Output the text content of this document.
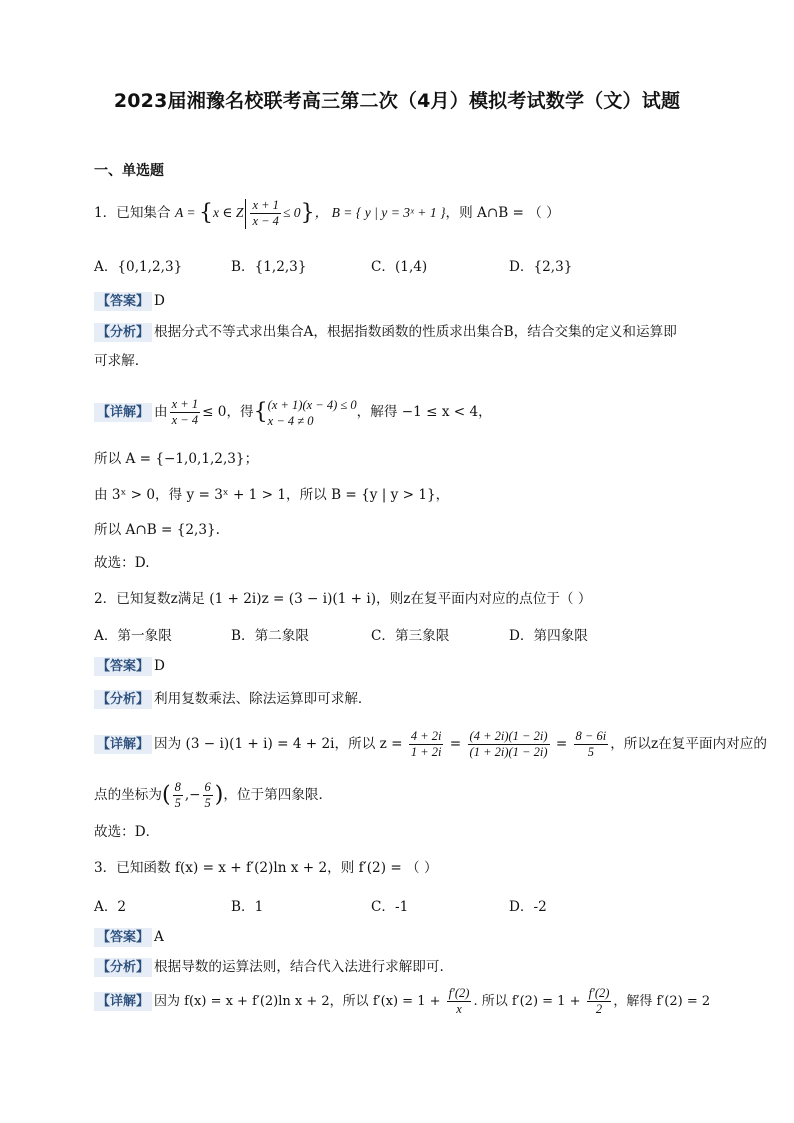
2023届湘豫名校联考高三第二次（4月）模拟考试数学（文）试题
一、单选题
1．已知集合 A = {x ∈ Z $\frac{x + 1}{x - 4} \le 0$}， B = { y | y = 3ˣ + 1 }，则 A∩B = （ ）
A．{0,1,2,3}	B．{1,2,3}	C．(1,4)	D．{2,3}
【答案】 D
【分析】 根据分式不等式求出集合A，根据指数函数的性质求出集合B，结合交集的定义和运算即
可求解.
【详解】 由 $\frac{x + 1}{x - 4} \le 0$，得{ (x + 1)(x − 4) ≤ 0
x − 4 ≠ 0
，解得 −1 ≤ x < 4，
所以 A = {−1,0,1,2,3}；
由 3ˣ > 0，得 y = 3ˣ + 1 > 1，所以 B = {y | y > 1}，
所以 A∩B = {2,3}.
故选：D.
2．已知复数z满足 (1 + 2i)z = (3 − i)(1 + i)，则z在复平面内对应的点位于（ ）
A．第一象限	B．第二象限	C．第三象限	D．第四象限
【答案】 D
【分析】 利用复数乘法、除法运算即可求解．
【详解】 因为 (3 − i)(1 + i) = 4 + 2i，所以 $z = \frac{4 + 2i}{1 + 2i} = \frac{(4 + 2i)(1 - 2i)}{(1 + 2i)(1 - 2i)} = \frac{8 - 6i}{5}$ ，所以z在复平面内对应的
点的坐标为( $\frac{8}{5}$ ,− $\frac{6}{5}$ )，位于第四象限．
故选：D．
3．已知函数 f(x) = x + f′(2)ln x + 2，则 f′(2) = （ ）
A．2	B．1	C．-1	D．-2
【答案】 A
【分析】 根据导数的运算法则，结合代入法进行求解即可.
【详解】 因为 f(x) = x + f′(2)ln x + 2，所以 $f'(x) = 1 + \frac{f'(2)}{x}$ . 所以 $f'(2) = 1 + \frac{f'(2)}{2}$ ，解得 f′(2) = 2
